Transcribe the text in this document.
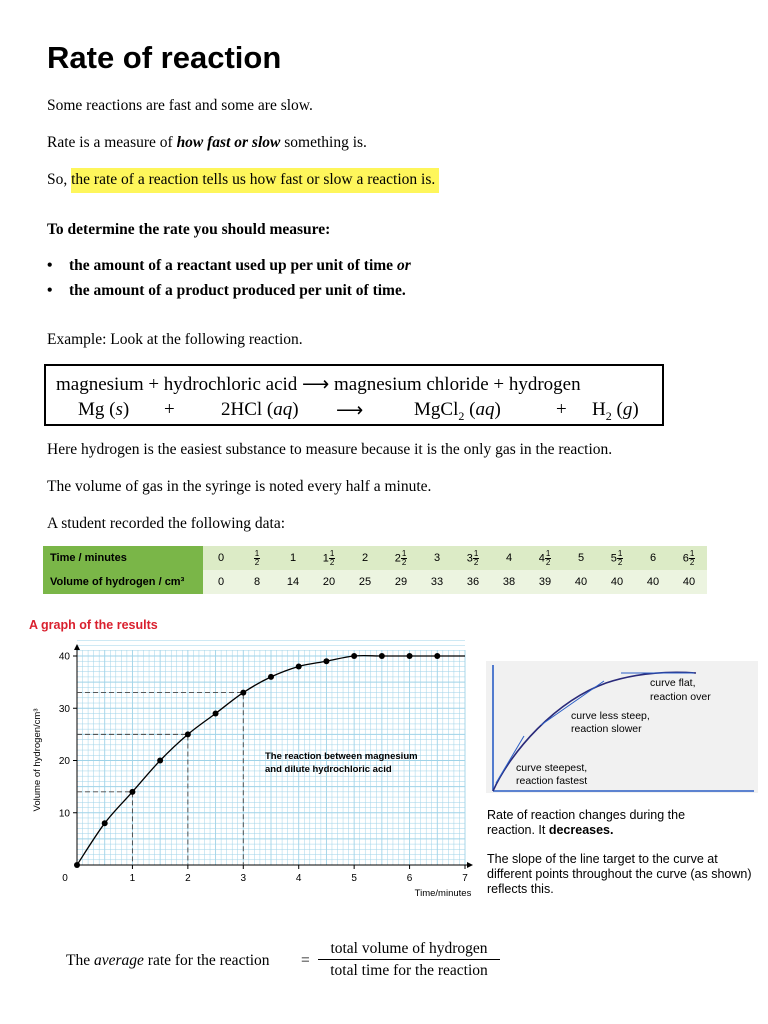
Rate of reaction
Some reactions are fast and some are slow.
Rate is a measure of how fast or slow something is.
So, the rate of a reaction tells us how fast or slow a reaction is.
To determine the rate you should measure:
• the amount of a reactant used up per unit of time or
• the amount of a product produced per unit of time.
Example: Look at the following reaction.
magnesium + hydrochloric acid ⟶ magnesium chloride + hydrogen
Mg (s) + 2HCl (aq) ⟶	MgCl$_2$ (aq)	+ $H_2$ (g)
Here hydrogen is the easiest substance to measure because it is the only gas in the reaction.
The volume of gas in the syringe is noted every half a minute.
A student recorded the following data:
Time / minutes	0	$\frac{1}{2}$	1	$1 \frac{1}{2}$	2	$2 \frac{1}{2}$	3	$3 \frac{1}{2}$	4	$4 \frac{1}{2}$	5	$5 \frac{1}{2}$	6	$6 \frac{1}{2}$

Volume of hydrogen / cm³	0	8	14	20	25	29	33	36	38	39	40	40	40	40
A graph of the results
0	1	2	3	4	5	6	7
10
20
30
40
Volume of hydrogen/cm³
Time/minutes
The reaction between magnesium and dilute hydrochloric acid
curve flat, reaction over
curve less steep, reaction slower
curve steepest, reaction fastest
Rate of reaction changes during the reaction. It decreases.
The slope of the line target to the curve at different points throughout the curve (as shown) reflects this.
The average rate for the reaction =
total volume of hydrogen
total time for the reaction
